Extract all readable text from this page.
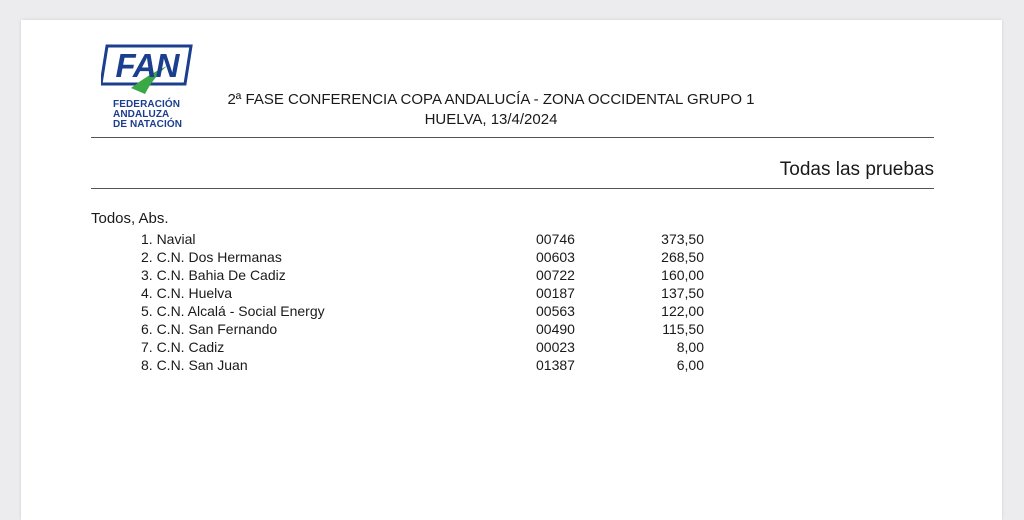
FAN
FEDERACIÓN
ANDALUZA
DE NATACIÓN
2ª FASE CONFERENCIA COPA ANDALUCÍA - ZONA OCCIDENTAL GRUPO 1
HUELVA, 13/4/2024
Todas las pruebas
Todos, Abs.
1. Navial	00746	373,50
2. C.N. Dos Hermanas	00603	268,50
3. C.N. Bahia De Cadiz	00722	160,00
4. C.N. Huelva	00187	137,50
5. C.N. Alcalá - Social Energy	00563	122,00
6. C.N. San Fernando	00490	115,50
7. C.N. Cadiz	00023	8,00
8. C.N. San Juan	01387	6,00
